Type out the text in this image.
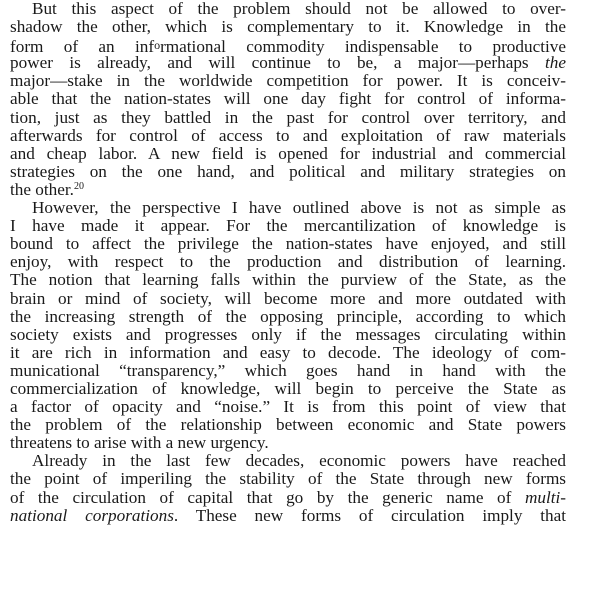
But this aspect of the problem should not be allowed to over-
shadow the other, which is complementary to it. Knowledge in the
form of an informational commodity indispensable to productive
power is already, and will continue to be, a major—perhaps the
major—stake in the worldwide competition for power. It is conceiv-
able that the nation-states will one day fight for control of informa-
tion, just as they battled in the past for control over territory, and
afterwards for control of access to and exploitation of raw materials
and cheap labor. A new field is opened for industrial and commercial
strategies on the one hand, and political and military strategies on
the other.$^{20}$
However, the perspective I have outlined above is not as simple as
I have made it appear. For the mercantilization of knowledge is
bound to affect the privilege the nation-states have enjoyed, and still
enjoy, with respect to the production and distribution of learning.
The notion that learning falls within the purview of the State, as the
brain or mind of society, will become more and more outdated with
the increasing strength of the opposing principle, according to which
society exists and progresses only if the messages circulating within
it are rich in information and easy to decode. The ideology of com-
municational “transparency,” which goes hand in hand with the
commercialization of knowledge, will begin to perceive the State as
a factor of opacity and “noise.” It is from this point of view that
the problem of the relationship between economic and State powers
threatens to arise with a new urgency.
Already in the last few decades, economic powers have reached
the point of imperiling the stability of the State through new forms
of the circulation of capital that go by the generic name of multi-
national corporations. These new forms of circulation imply that
